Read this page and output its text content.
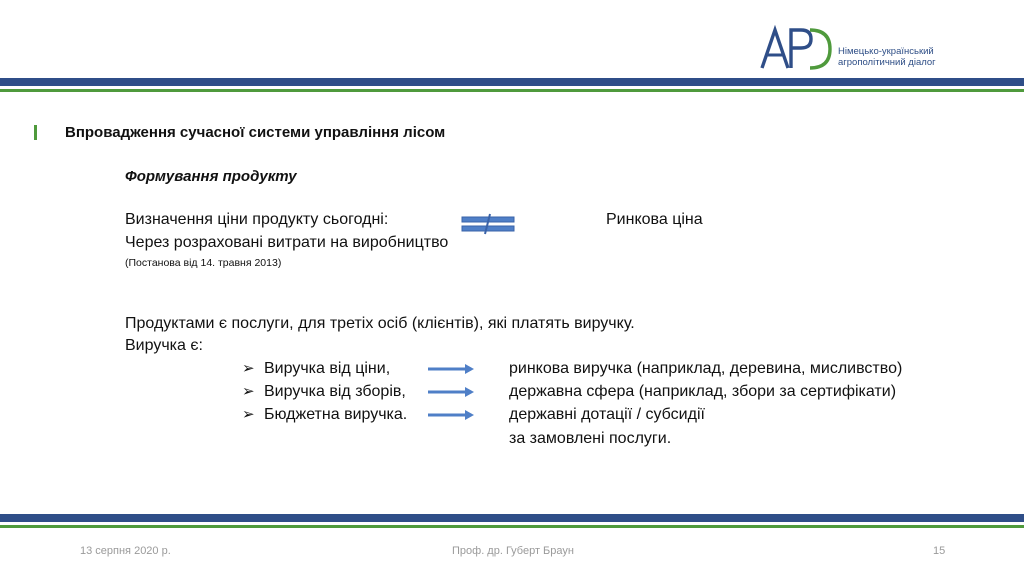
Німецько-український
агрополітичний діалог
Впровадження сучасної системи управління лісом
Формування продукту
Визначення ціни продукту сьогодні:
Через розраховані витрати на виробництво
(Постанова від 14. травня 2013)
Ринкова ціна
Продуктами є послуги, для третіх осіб (клієнтів), які платять виручку.
Виручка є:
➢ Виручка від ціни,	ринкова виручка (наприклад, деревина, мисливство)
➢ Виручка від зборів,	державна сфера (наприклад, збори за сертифікати)
➢ Бюджетна виручка.	державні дотації / субсидії
за замовлені послуги.
13 серпня 2020 р.	Проф. др. Губерт Браун	15
